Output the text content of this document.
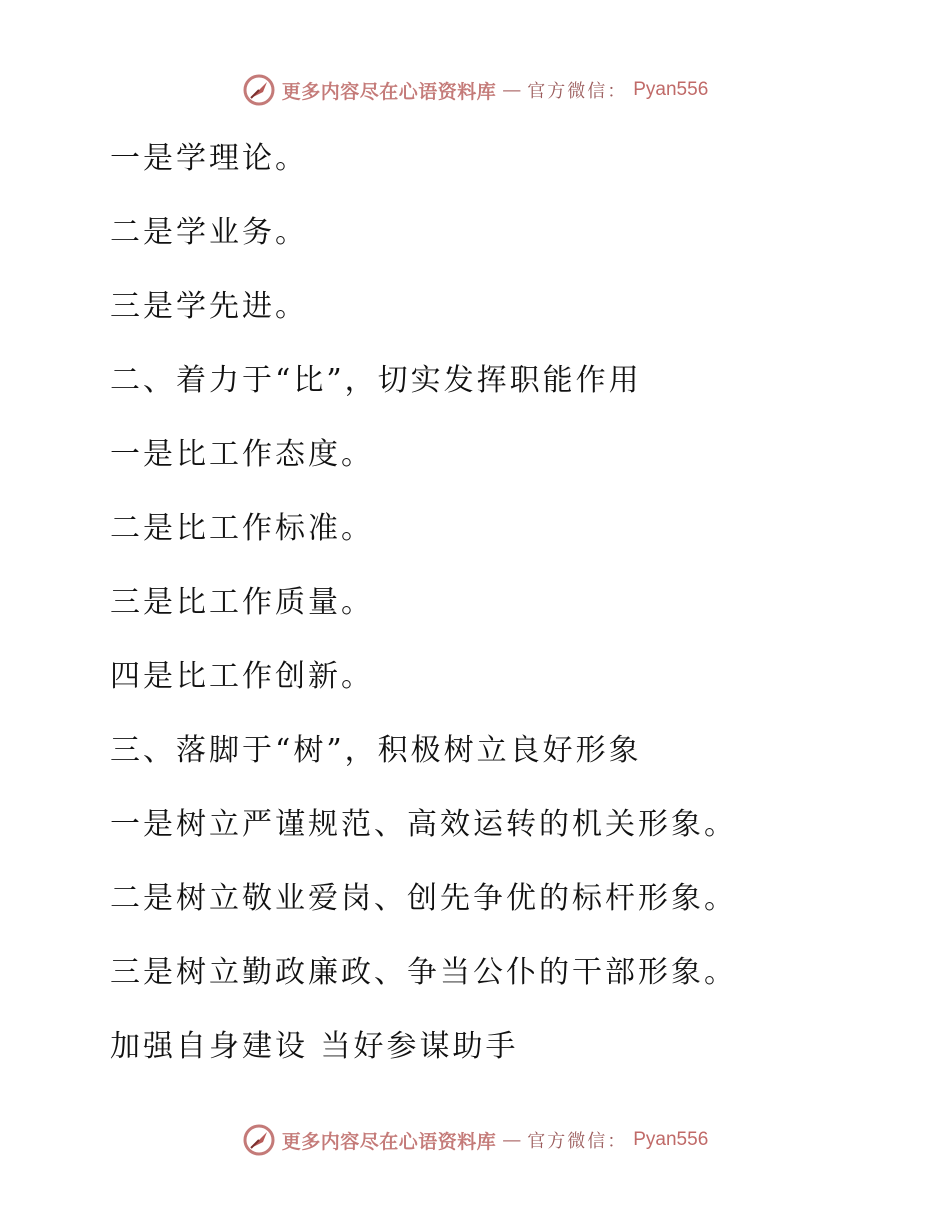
更多内容尽在心语资料库 — 官方微信： Pyan556
一是学理论。
二是学业务。
三是学先进。
二、着力于“比”，切实发挥职能作用
一是比工作态度。
二是比工作标准。
三是比工作质量。
四是比工作创新。
三、落脚于“树”，积极树立良好形象
一是树立严谨规范、高效运转的机关形象。
二是树立敬业爱岗、创先争优的标杆形象。
三是树立勤政廉政、争当公仆的干部形象。
加强自身建设 当好参谋助手
更多内容尽在心语资料库 — 官方微信： Pyan556
